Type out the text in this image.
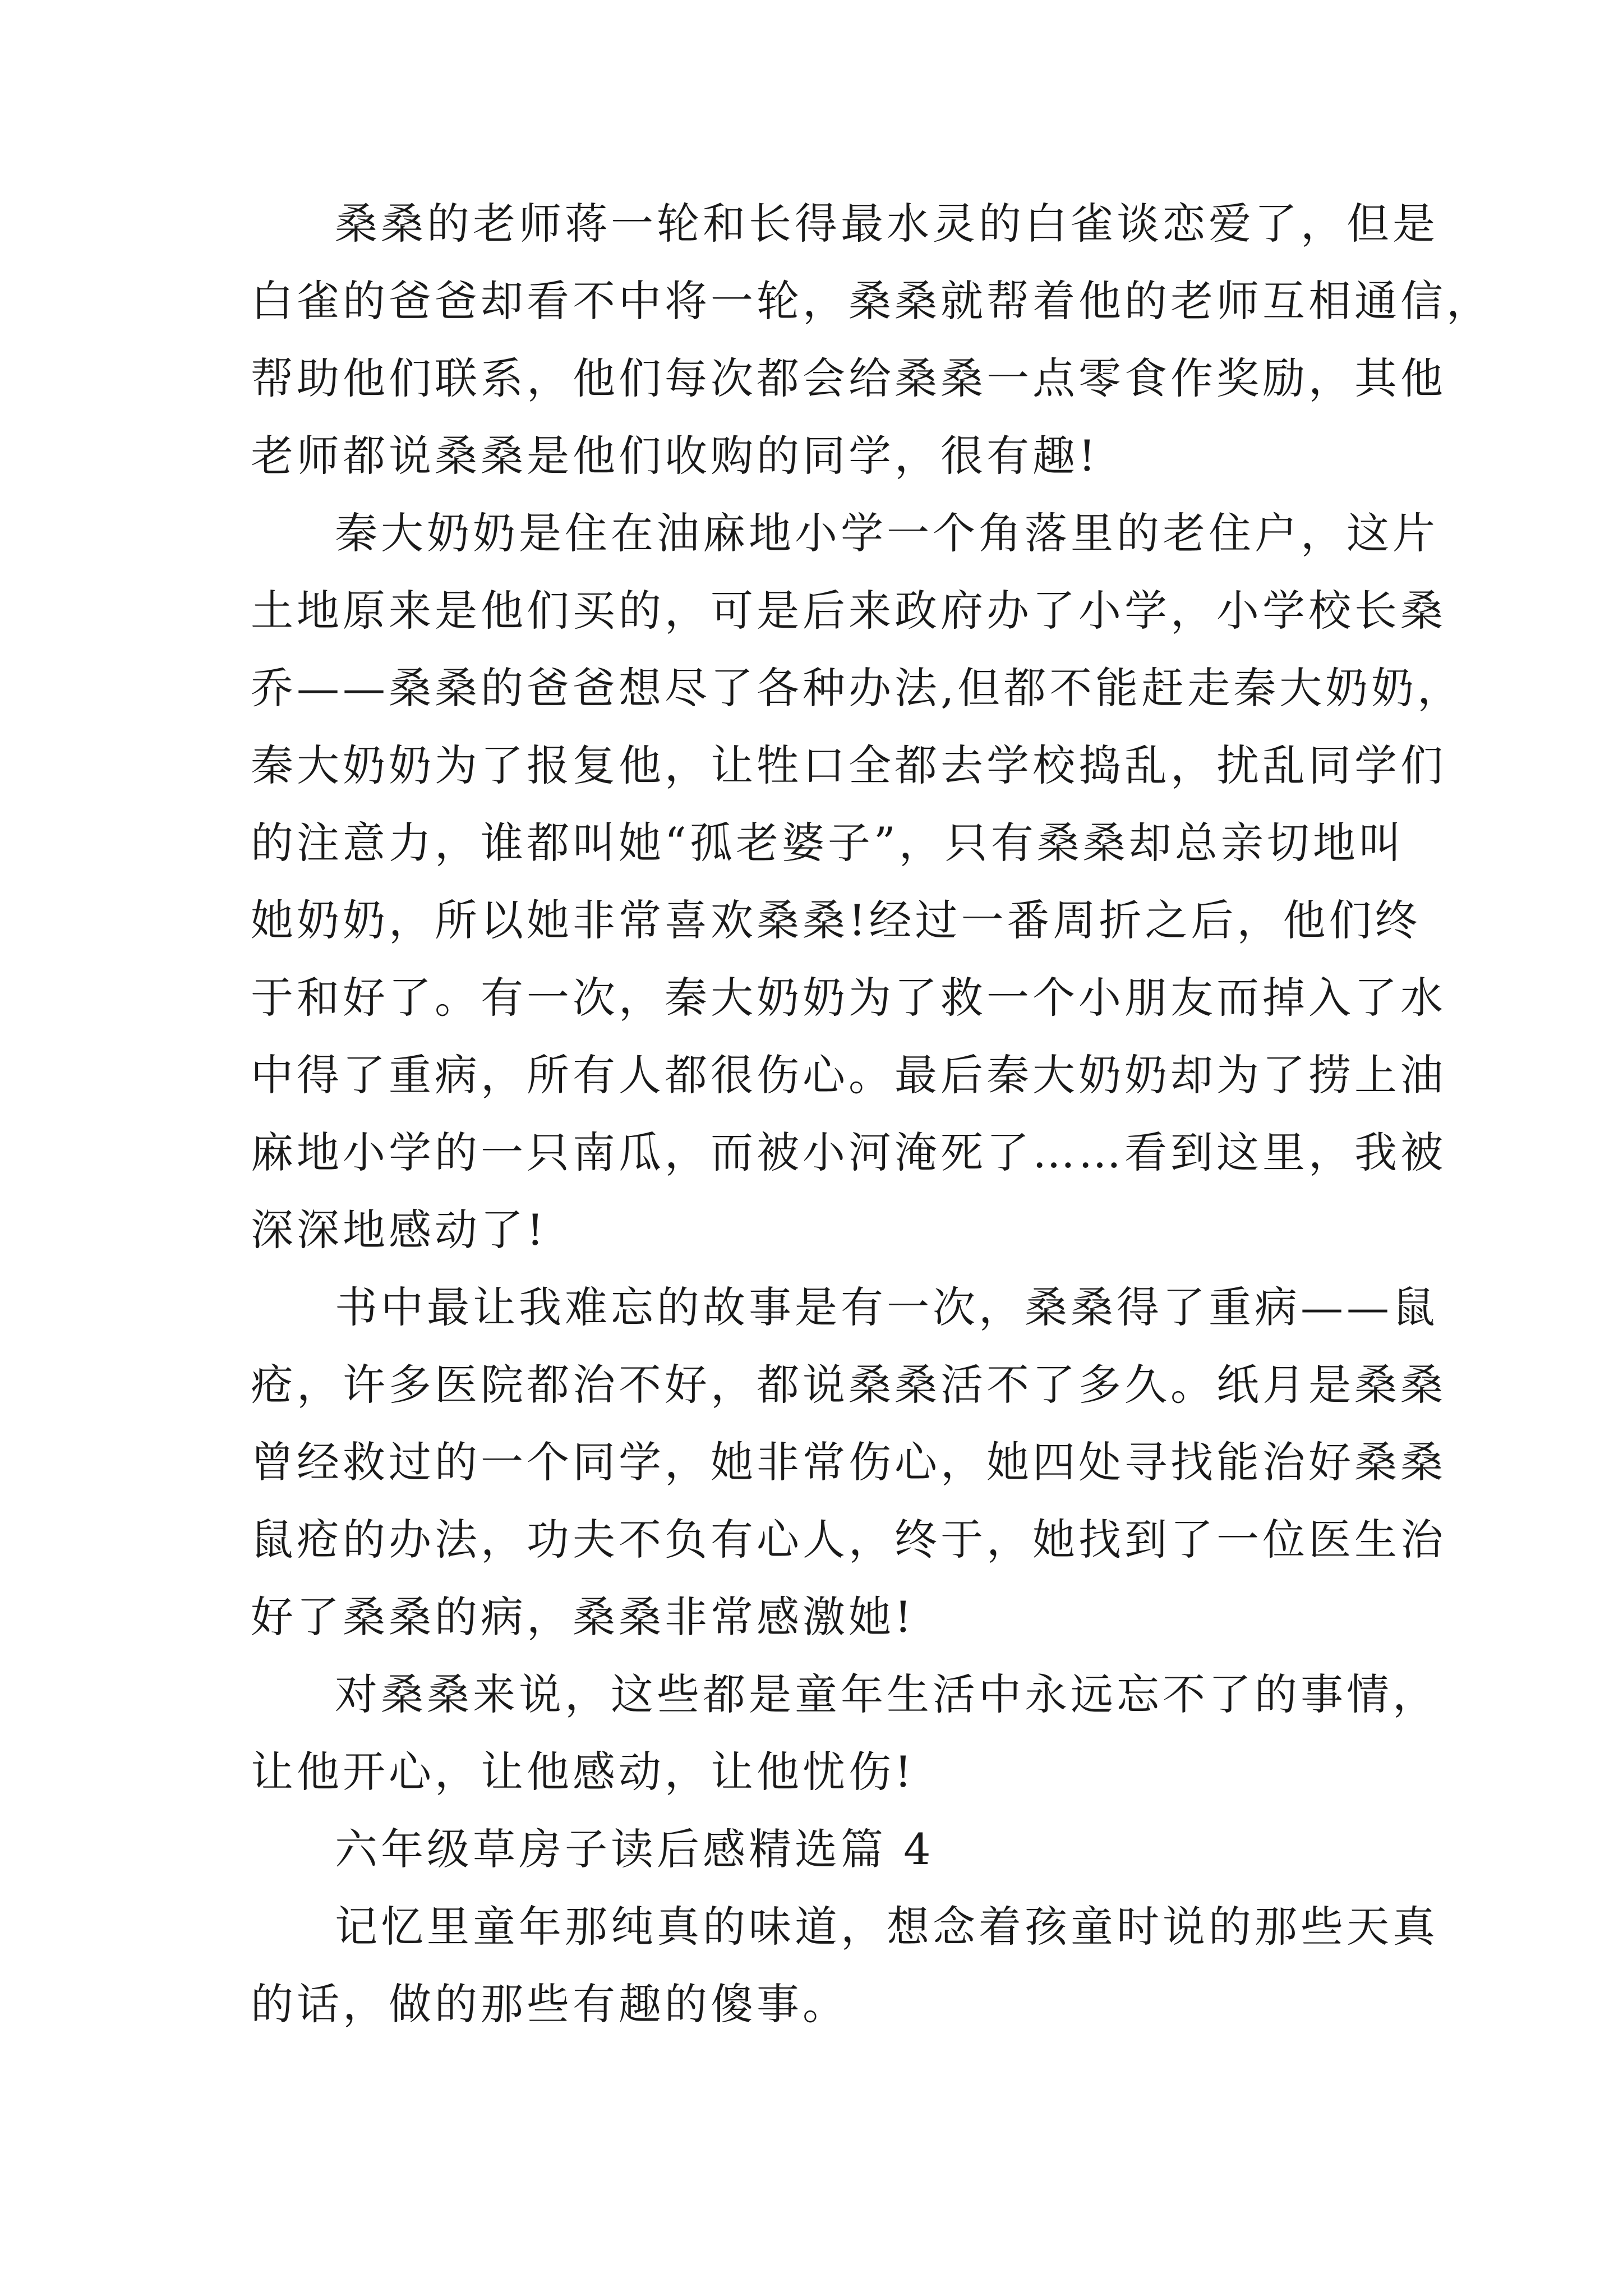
桑桑的老师蒋一轮和长得最水灵的白雀谈恋爱了，但是
白雀的爸爸却看不中将一轮，桑桑就帮着他的老师互相通信，
帮助他们联系，他们每次都会给桑桑一点零食作奖励，其他
老师都说桑桑是他们收购的同学，很有趣!
秦大奶奶是住在油麻地小学一个角落里的老住户，这片
土地原来是他们买的，可是后来政府办了小学，小学校长桑
乔——桑桑的爸爸想尽了各种办法,但都不能赶走秦大奶奶，
秦大奶奶为了报复他，让牲口全都去学校捣乱，扰乱同学们
的注意力，谁都叫她“孤老婆子”，只有桑桑却总亲切地叫
她奶奶，所以她非常喜欢桑桑!经过一番周折之后，他们终
于和好了。有一次，秦大奶奶为了救一个小朋友而掉入了水
中得了重病，所有人都很伤心。最后秦大奶奶却为了捞上油
麻地小学的一只南瓜，而被小河淹死了……看到这里，我被
深深地感动了!
书中最让我难忘的故事是有一次，桑桑得了重病——鼠
疮，许多医院都治不好，都说桑桑活不了多久。纸月是桑桑
曾经救过的一个同学，她非常伤心，她四处寻找能治好桑桑
鼠疮的办法，功夫不负有心人，终于，她找到了一位医生治
好了桑桑的病，桑桑非常感激她!
对桑桑来说，这些都是童年生活中永远忘不了的事情，
让他开心，让他感动，让他忧伤!
六年级草房子读后感精选篇 4
记忆里童年那纯真的味道，想念着孩童时说的那些天真
的话，做的那些有趣的傻事。
